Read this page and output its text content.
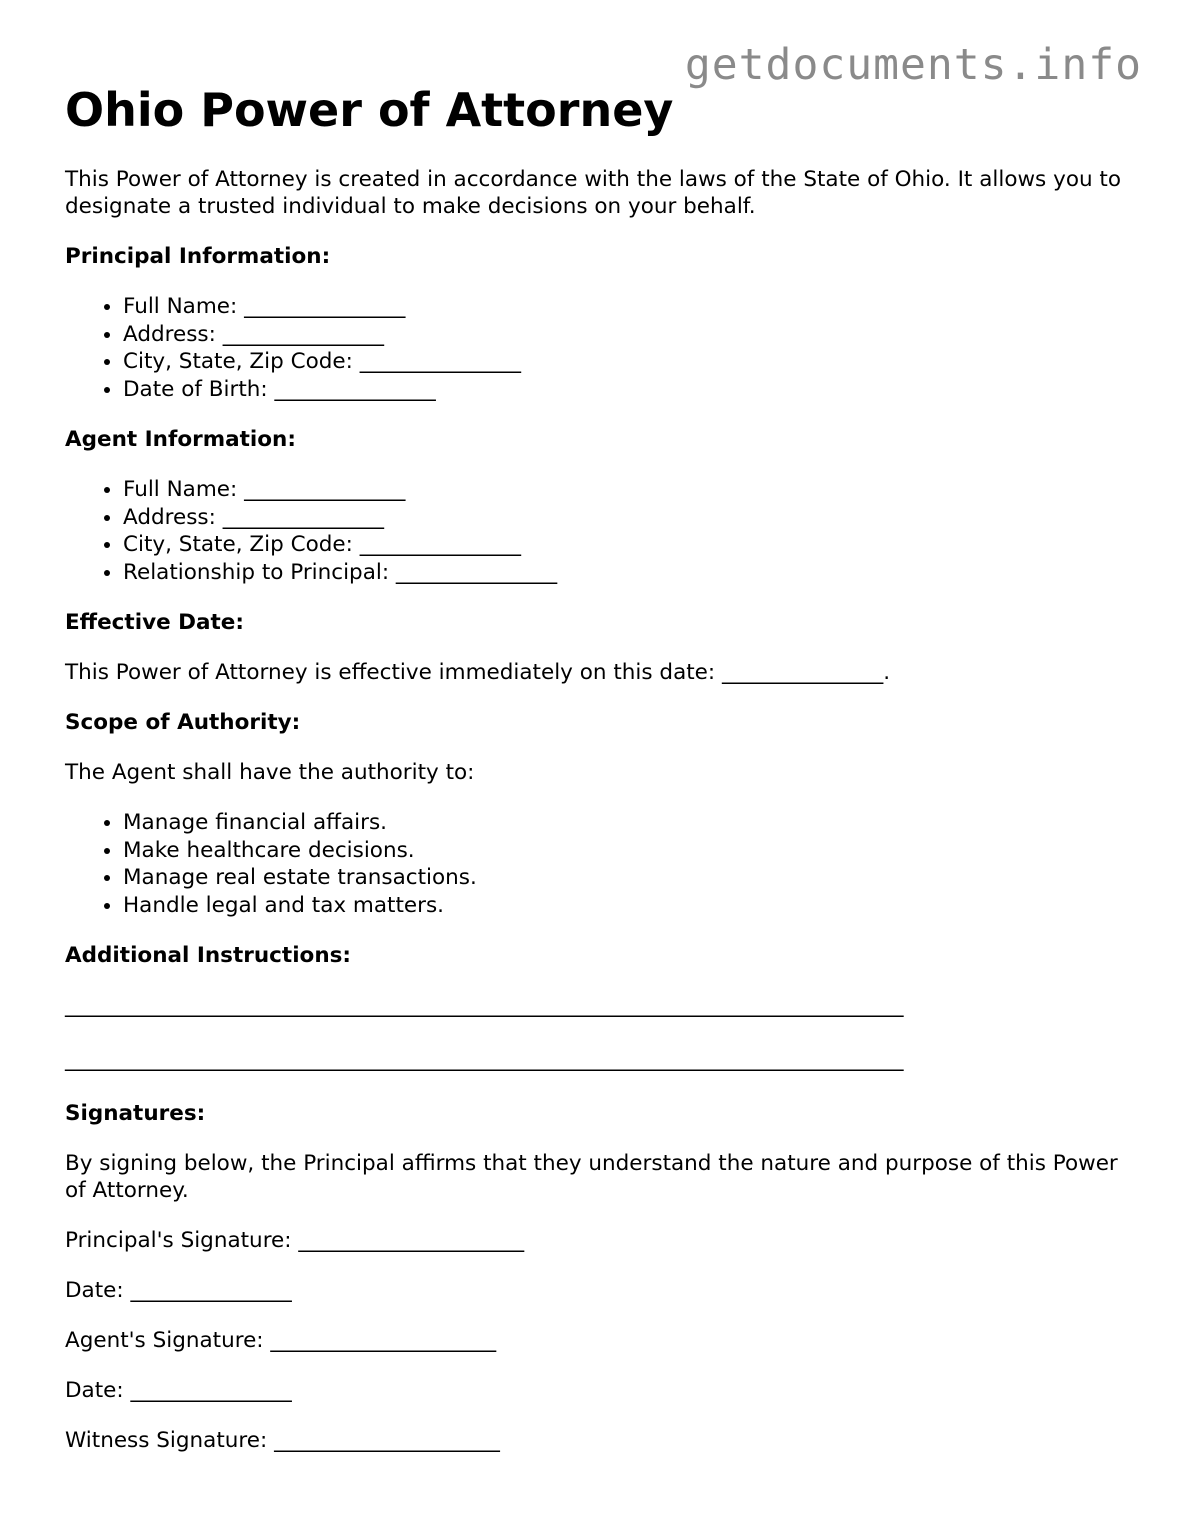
getdocuments.info
Ohio Power of Attorney

This Power of Attorney is created in accordance with the laws of the State of Ohio. It allows you to designate a trusted individual to make decisions on your behalf.

Principal Information:
• Full Name: _______________
• Address: _______________
• City, State, Zip Code: _______________
• Date of Birth: _______________
Agent Information:
• Full Name: _______________
• Address: _______________
• City, State, Zip Code: _______________
• Relationship to Principal: _______________
Effective Date:

This Power of Attorney is effective immediately on this date: _______________.

Scope of Authority:

The Agent shall have the authority to:

• Manage financial affairs.
• Make healthcare decisions.
• Manage real estate transactions.
• Handle legal and tax matters.
Additional Instructions:
______________________________________________________________________________
______________________________________________________________________________
Signatures:

By signing below, the Principal affirms that they understand the nature and purpose of this Power of Attorney.

Principal's Signature: _____________________

Date: _______________

Agent's Signature: _____________________

Date: _______________

Witness Signature: _____________________
